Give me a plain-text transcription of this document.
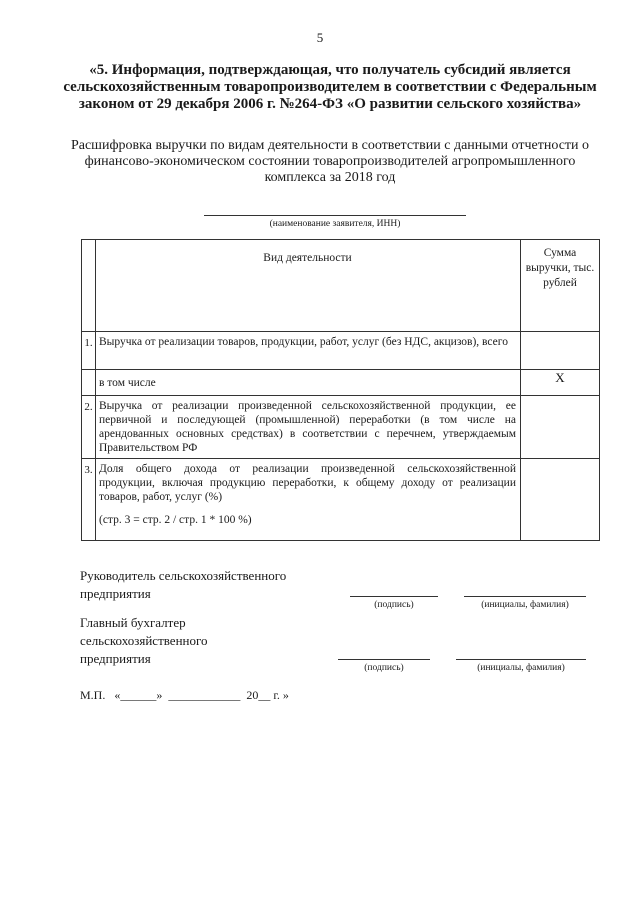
5
«5. Информация, подтверждающая, что получатель субсидий является сельскохозяйственным товаропроизводителем в соответствии с Федеральным законом от 29 декабря 2006 г. №264-ФЗ «О развитии сельского хозяйства»
Расшифровка выручки по видам деятельности в соответствии с данными отчетности о финансово-экономическом состоянии товаропроизводителей агропромышленного комплекса за 2018 год
(наименование заявителя, ИНН)
	Вид деятельности	Сумма выручки, тыс. рублей
1.	Выручка от реализации товаров, продукции, работ, услуг (без НДС, акцизов), всего	
	в том числе	X
2.	Выручка от реализации произведенной сельскохозяйственной продукции, ее первичной и последующей (промышленной) переработки (в том числе на арендованных основных средствах) в соответствии с перечнем, утверждаемым Правительством РФ	
3.	Доля общего дохода от реализации произведенной сельскохозяйственной продукции, включая продукцию переработки, к общему доходу от реализации товаров, работ, услуг (%)
(стр. 3 = стр. 2 / стр. 1 * 100 %)	

Руководитель сельскохозяйственного предприятия
(подпись)	(инициалы, фамилия)
Главный бухгалтер сельскохозяйственного предприятия
(подпись)	(инициалы, фамилия)
М.П.   «______»  ____________  20__ г. »
